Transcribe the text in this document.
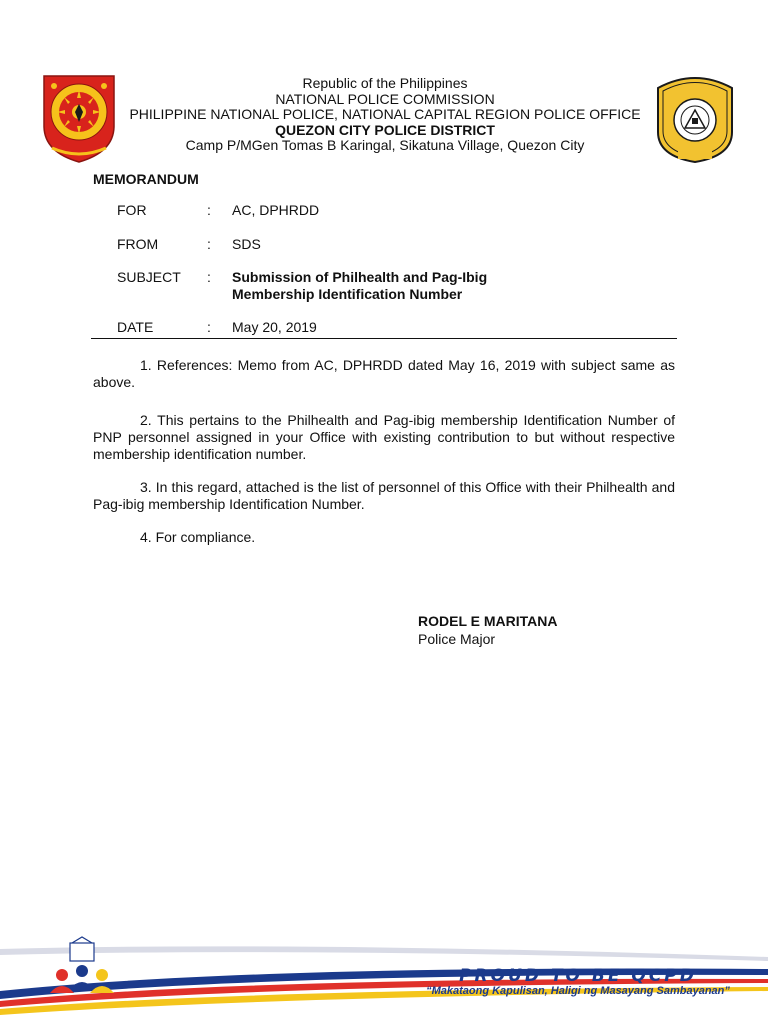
Republic of the Philippines
NATIONAL POLICE COMMISSION
PHILIPPINE NATIONAL POLICE, NATIONAL CAPITAL REGION POLICE OFFICE
QUEZON CITY POLICE DISTRICT
Camp P/MGen Tomas B Karingal, Sikatuna Village, Quezon City
MEMORANDUM
FOR	:	AC, DPHRDD
FROM	:	SDS
SUBJECT	:	Submission of Philhealth and Pag-Ibig
Membership Identification Number
DATE	:	May 20, 2019

1. References: Memo from AC, DPHRDD dated May 16, 2019 with subject same as above.

2. This pertains to the Philhealth and Pag-ibig membership Identification Number of PNP personnel assigned in your Office with existing contribution to but without respective membership identification number.

3. In this regard, attached is the list of personnel of this Office with their Philhealth and Pag-ibig membership Identification Number.

4. For compliance.

RODEL E MARITANA
Police Major
PROUD TO BE QCPD
“Makataong Kapulisan, Haligi ng Masayang Sambayanan”
